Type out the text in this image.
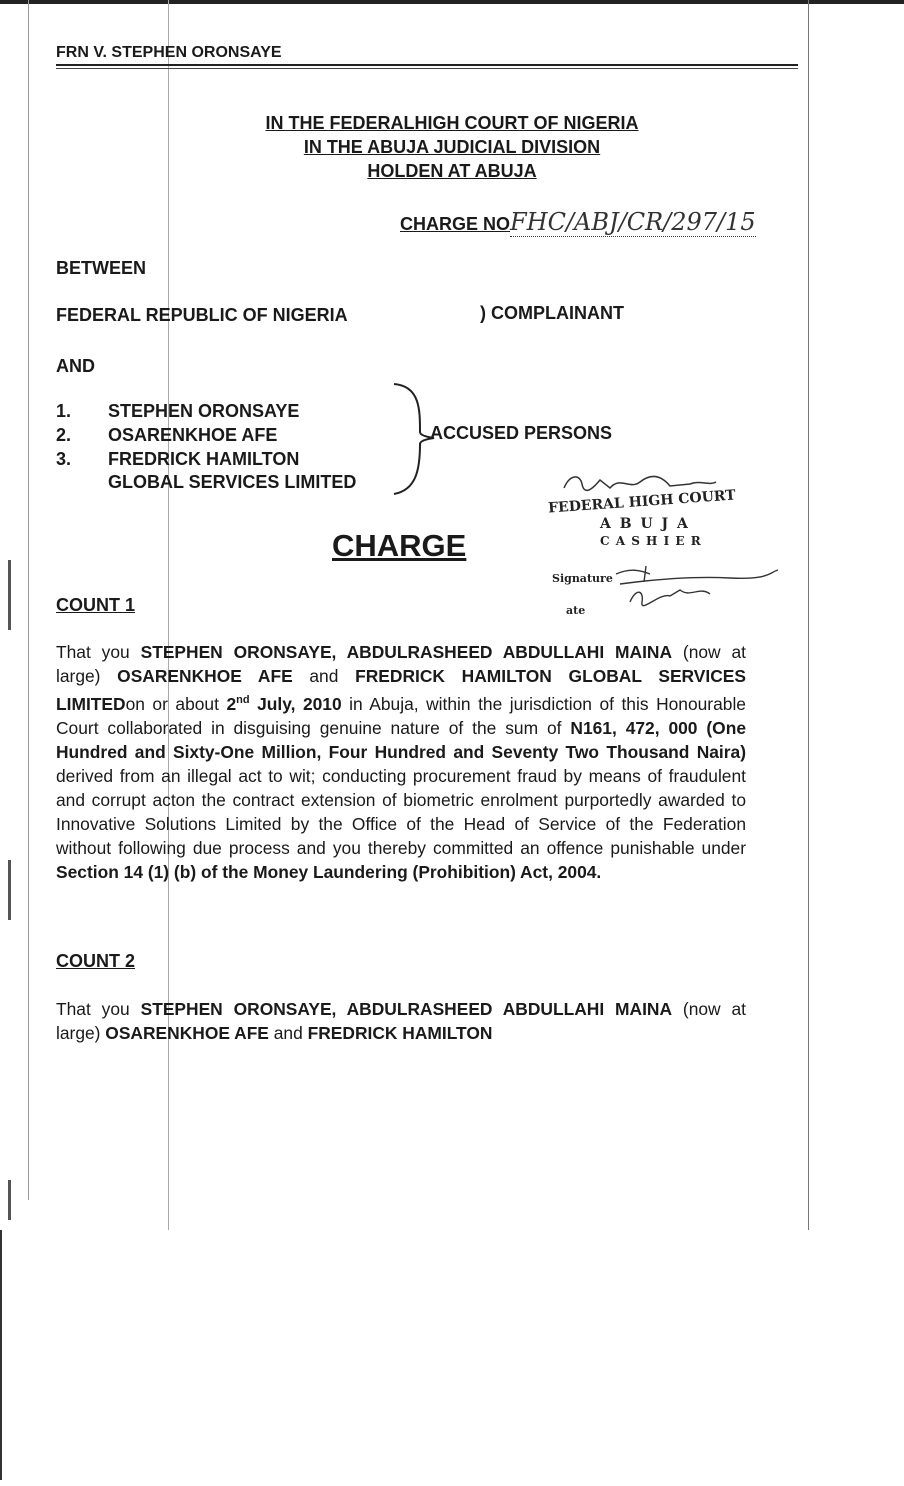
FRN V. STEPHEN ORONSAYE
IN THE FEDERALHIGH COURT OF NIGERIA
IN THE ABUJA JUDICIAL DIVISION
HOLDEN AT ABUJA
CHARGE NOFHC/ABJ/CR/297/15
BETWEEN
FEDERAL REPUBLIC OF NIGERIA	) COMPLAINANT
AND
1. STEPHEN ORONSAYE
2. OSARENKHOE AFE
3. FREDRICK HAMILTON
GLOBAL SERVICES LIMITED
ACCUSED PERSONS
FEDERAL HIGH COURT
A B U J A
C A S H I E R
Signature
ate
CHARGE
COUNT 1
That you STEPHEN ORONSAYE, ABDULRASHEED ABDULLAHI MAINA (now at large) OSARENKHOE AFE and FREDRICK HAMILTON GLOBAL SERVICES LIMITEDon or about 2nd July, 2010 in Abuja, within the jurisdiction of this Honourable Court collaborated in disguising genuine nature of the sum of N161, 472, 000 (One Hundred and Sixty-One Million, Four Hundred and Seventy Two Thousand Naira) derived from an illegal act to wit; conducting procurement fraud by means of fraudulent and corrupt acton the contract extension of biometric enrolment purportedly awarded to Innovative Solutions Limited by the Office of the Head of Service of the Federation without following due process and you thereby committed an offence punishable under Section 14 (1) (b) of the Money Laundering (Prohibition) Act, 2004.
COUNT 2
That you STEPHEN ORONSAYE, ABDULRASHEED ABDULLAHI MAINA (now at large) OSARENKHOE AFE and FREDRICK HAMILTON
